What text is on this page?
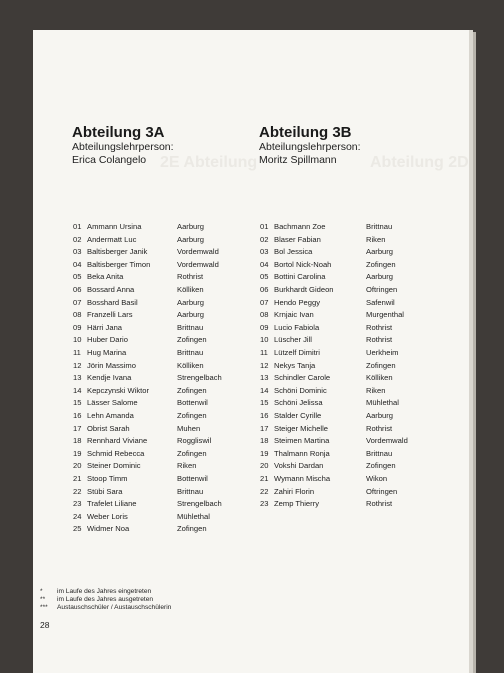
2E Abteilung	Abteilung 2D
Abteilung 3A
Abteilungslehrperson:
Erica Colangelo
Abteilung 3B
Abteilungslehrperson:
Moritz Spillmann
01 Ammann Ursina	Aarburg
02 Andermatt Luc	Aarburg
03 Baltisberger Janik	Vordemwald
04 Baltisberger Timon	Vordemwald
05 Beka Anita	Rothrist
06 Bossard Anna	Kölliken
07 Bosshard Basil	Aarburg
08 Franzelli Lars	Aarburg
09 Härri Jana	Brittnau
10 Huber Dario	Zofingen
11 Hug Marina	Brittnau
12 Jörin Massimo	Kölliken
13 Kendje Ivana	Strengelbach
14 Kepczynski Wiktor	Zofingen
15 Lässer Salome	Bottenwil
16 Lehn Amanda	Zofingen
17 Obrist Sarah	Muhen
18 Rennhard Viviane	Roggliswil
19 Schmid Rebecca	Zofingen
20 Steiner Dominic	Riken
21 Stoop Timm	Bottenwil
22 Stübi Sara	Brittnau
23 Trafelet Liliane	Strengelbach
24 Weber Loris	Mühlethal
25 Widmer Noa	Zofingen
01 Bachmann Zoe	Brittnau
02 Blaser Fabian	Riken
03 Bol Jessica	Aarburg
04 Bortol Nick-Noah	Zofingen
05 Bottini Carolina	Aarburg
06 Burkhardt Gideon	Oftringen
07 Hendo Peggy	Safenwil
08 Krnjaic Ivan	Murgenthal
09 Lucio Fabiola	Rothrist
10 Lüscher Jill	Rothrist
11 Lützelf Dimitri	Uerkheim
12 Nekys Tanja	Zofingen
13 Schindler Carole	Kölliken
14 Schöni Dominic	Riken
15 Schöni Jelissa	Mühlethal
16 Stalder Cyrille	Aarburg
17 Steiger Michelle	Rothrist
18 Steimen Martina	Vordemwald
19 Thalmann Ronja	Brittnau
20 Vokshi Dardan	Zofingen
21 Wymann Mischa	Wikon
22 Zahiri Florin	Oftringen
23 Zemp Thierry	Rothrist
* im Laufe des Jahres eingetreten
** im Laufe des Jahres ausgetreten
*** Austauschschüler / Austauschschülerin
28
